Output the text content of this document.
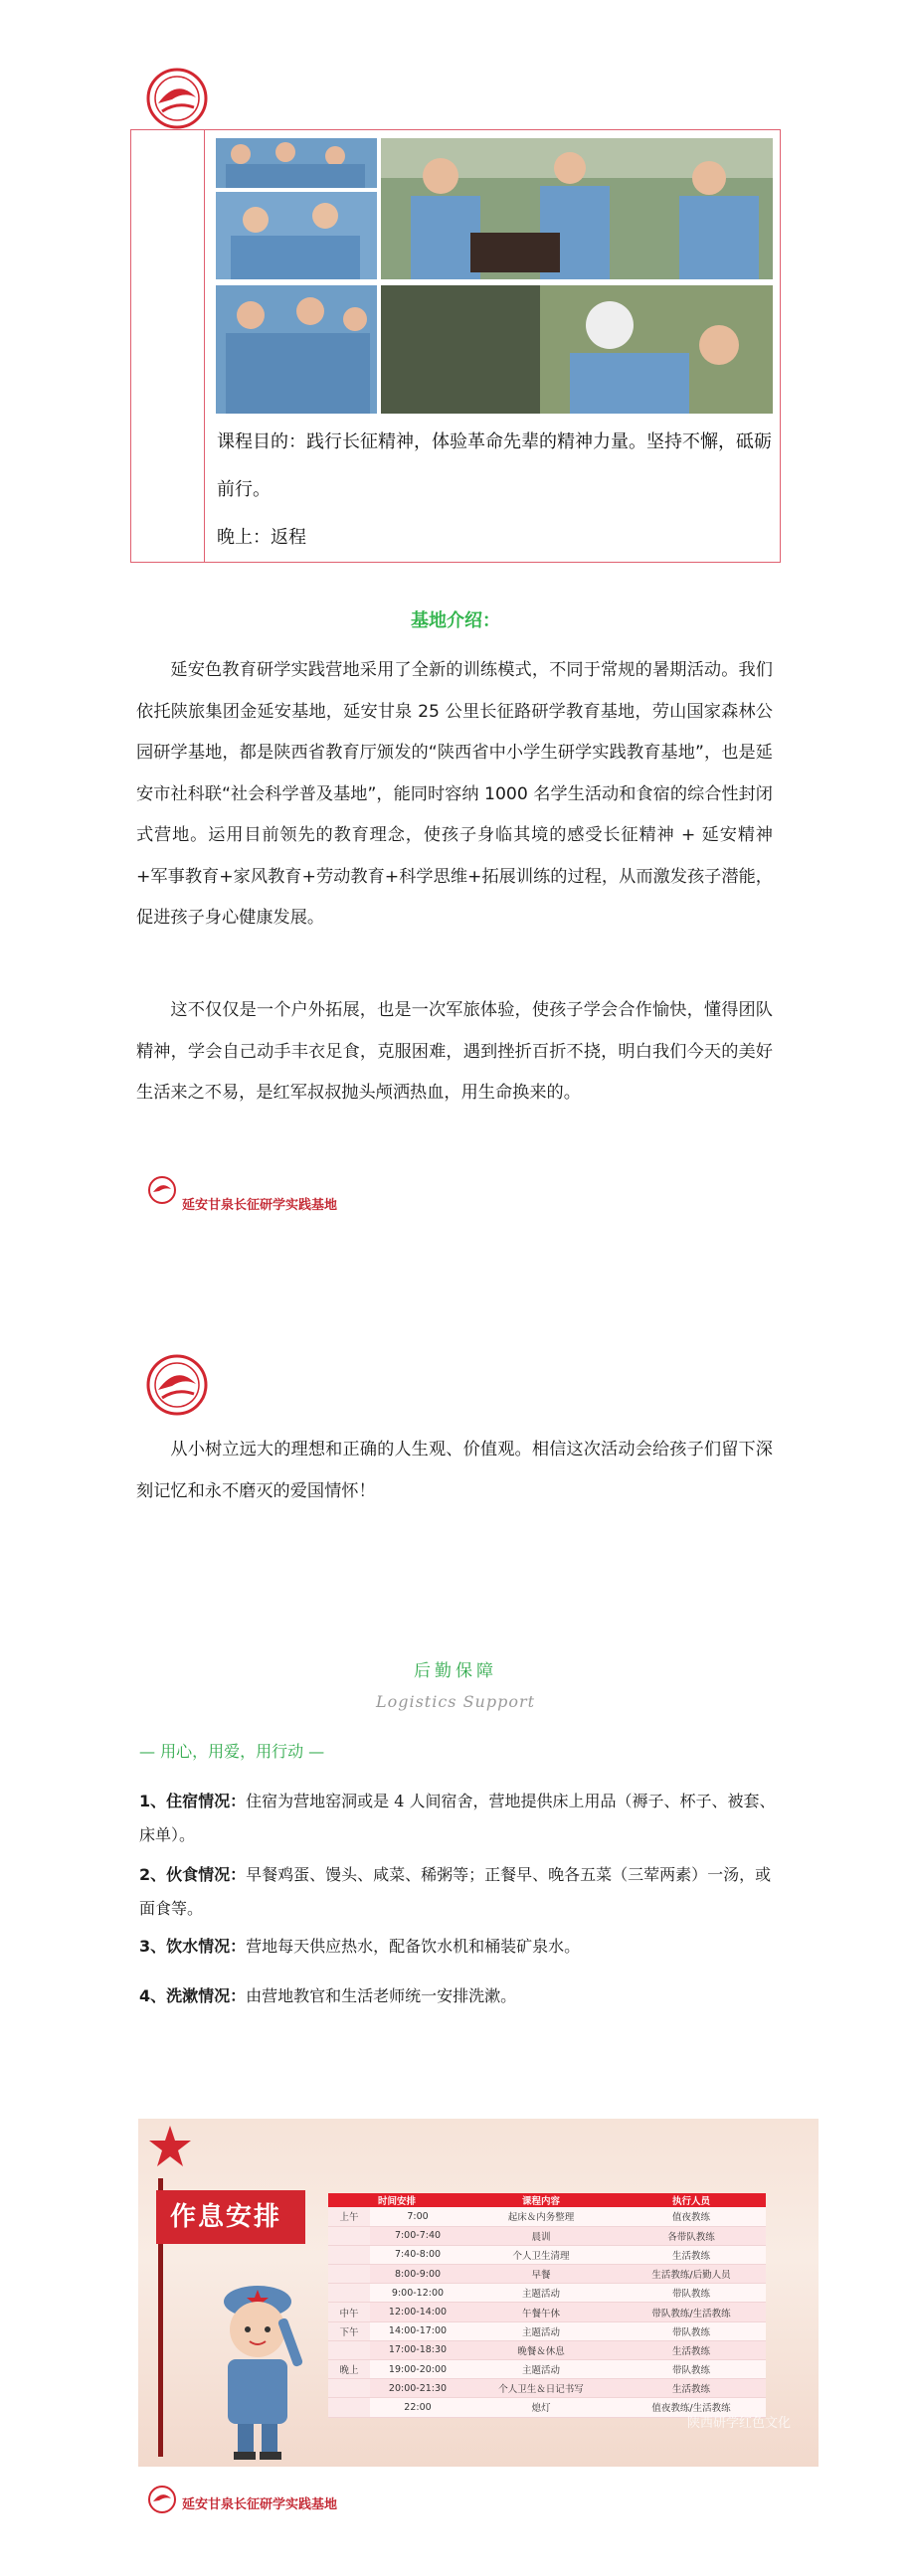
课程目的：践行长征精神，体验革命先辈的精神力量。坚持不懈，砥砺前行。
晚上：返程
基地介绍：
延安色教育研学实践营地采用了全新的训练模式，不同于常规的暑期活动。我们依托陕旅集团金延安基地，延安甘泉 25 公里长征路研学教育基地，劳山国家森林公园研学基地，都是陕西省教育厅颁发的“陕西省中小学生研学实践教育基地”，也是延安市社科联“社会科学普及基地”，能同时容纳 1000 名学生活动和食宿的综合性封闭式营地。运用目前领先的教育理念，使孩子身临其境的感受长征精神 + 延安精神+军事教育+家风教育+劳动教育+科学思维+拓展训练的过程，从而激发孩子潜能，促进孩子身心健康发展。
这不仅仅是一个户外拓展，也是一次军旅体验，使孩子学会合作愉快，懂得团队精神，学会自己动手丰衣足食，克服困难，遇到挫折百折不挠，明白我们今天的美好生活来之不易，是红军叔叔抛头颅洒热血，用生命换来的。
延安甘泉长征研学实践基地
从小树立远大的理想和正确的人生观、价值观。相信这次活动会给孩子们留下深刻记忆和永不磨灭的爱国情怀！
后勤保障
Logistics Support
— 用心，用爱，用行动 —
1、住宿情况：住宿为营地窑洞或是 4 人间宿舍，营地提供床上用品（褥子、杯子、被套、床单）。
2、伙食情况：早餐鸡蛋、馒头、咸菜、稀粥等；正餐早、晚各五菜（三荤两素）一汤，或面食等。
3、饮水情况：营地每天供应热水，配备饮水机和桶装矿泉水。
4、洗漱情况：由营地教官和生活老师统一安排洗漱。
作息安排
时间安排		课程内容	执行人员
上午	7:00	起床＆内务整理	值夜教练
	7:00-7:40	晨训	各带队教练
	7:40-8:00	个人卫生清理	生活教练
	8:00-9:00	早餐	生活教练/后勤人员
	9:00-12:00	主题活动	带队教练
中午	12:00-14:00	午餐午休	带队教练/生活教练
下午	14:00-17:00	主题活动	带队教练
	17:00-18:30	晚餐＆休息	生活教练
晚上	19:00-20:00	主题活动	带队教练
	20:00-21:30	个人卫生＆日记书写	生活教练
	22:00	熄灯	值夜教练/生活教练
陕西研学红色文化
延安甘泉长征研学实践基地
